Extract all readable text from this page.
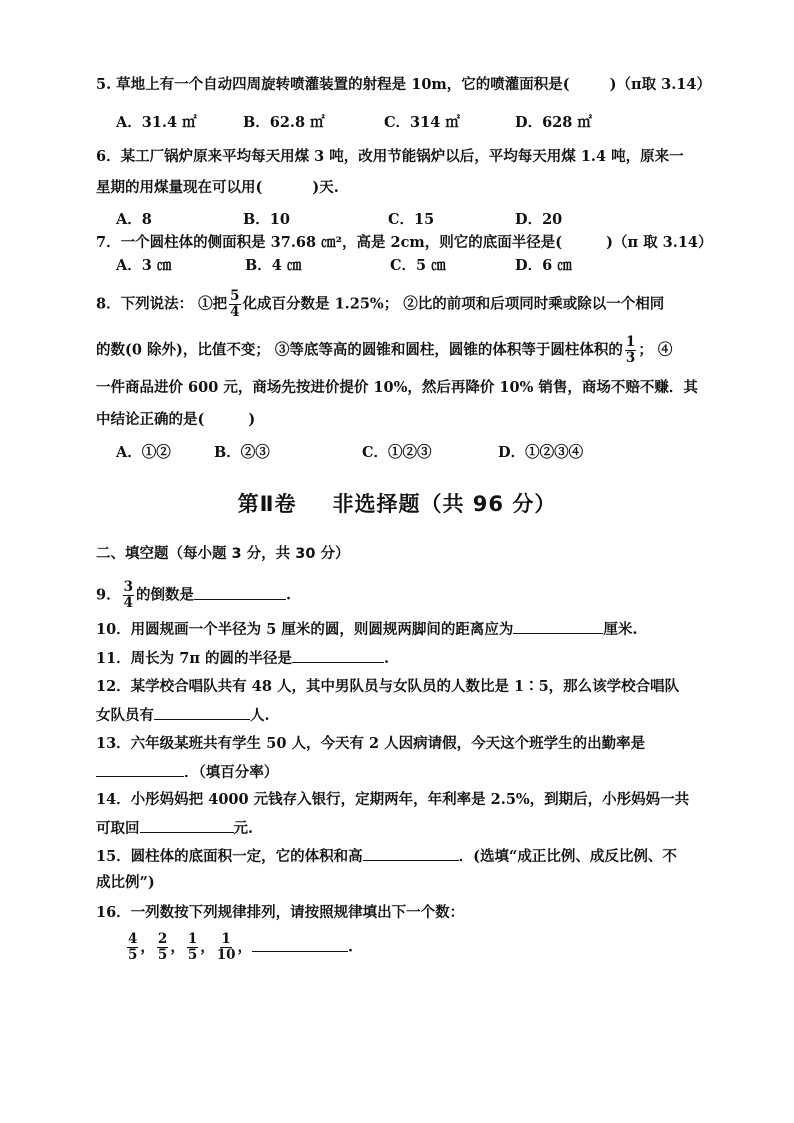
5. 草地上有一个自动四周旋转喷灌装置的射程是 10m，它的喷灌面积是(	)（π取 3.14）
A．31.4 ㎡	B．62.8 ㎡	C．314 ㎡	D．628 ㎡
6．某工厂锅炉原来平均每天用煤 3 吨，改用节能锅炉以后，平均每天用煤 1.4 吨，原来一
星期的用煤量现在可以用(	)天.
A．8	B．10	C．15	D．20
7．一个圆柱体的侧面积是 37.68 ㎝²，高是 2cm，则它的底面半径是(	)（π 取 3.14）
A．3 ㎝	B．4 ㎝	C．5 ㎝	D．6 ㎝
8．下列说法： ①把 $\frac{5}{4}$ 化成百分数是 1.25%； ②比的前项和后项同时乘或除以一个相同
的数(0 除外)，比值不变； ③等底等高的圆锥和圆柱，圆锥的体积等于圆柱体积的 $\frac{1}{3}$ ； ④
一件商品进价 600 元，商场先按进价提价 10%，然后再降价 10% 销售，商场不赔不赚．其
中结论正确的是(	)
A．①②	B．②③	C．①②③	D．①②③④
第Ⅱ卷 非选择题（共 96 分）
二、填空题（每小题 3 分，共 30 分）
9． $\frac{3}{4}$ 的倒数是	.
10．用圆规画一个半径为 5 厘米的圆，则圆规两脚间的距离应为	厘米.
11．周长为 7π 的圆的半径是	.
12．某学校合唱队共有 48 人，其中男队员与女队员的人数比是 1∶5，那么该学校合唱队
女队员有	人.
13．六年级某班共有学生 50 人，今天有 2 人因病请假，今天这个班学生的出勤率是
．（填百分率）
14．小彤妈妈把 4000 元钱存入银行，定期两年，年利率是 2.5%，到期后，小彤妈妈一共
可取回	元.
15．圆柱体的底面积一定，它的体积和高	．(选填“成正比例、成反比例、不
成比例”)
16．一列数按下列规律排列，请按照规律填出下一个数：
$\frac{4}{5}$ ， $\frac{2}{5}$ ， $\frac{1}{5}$ ， $\frac{1}{10}$ ，	.
